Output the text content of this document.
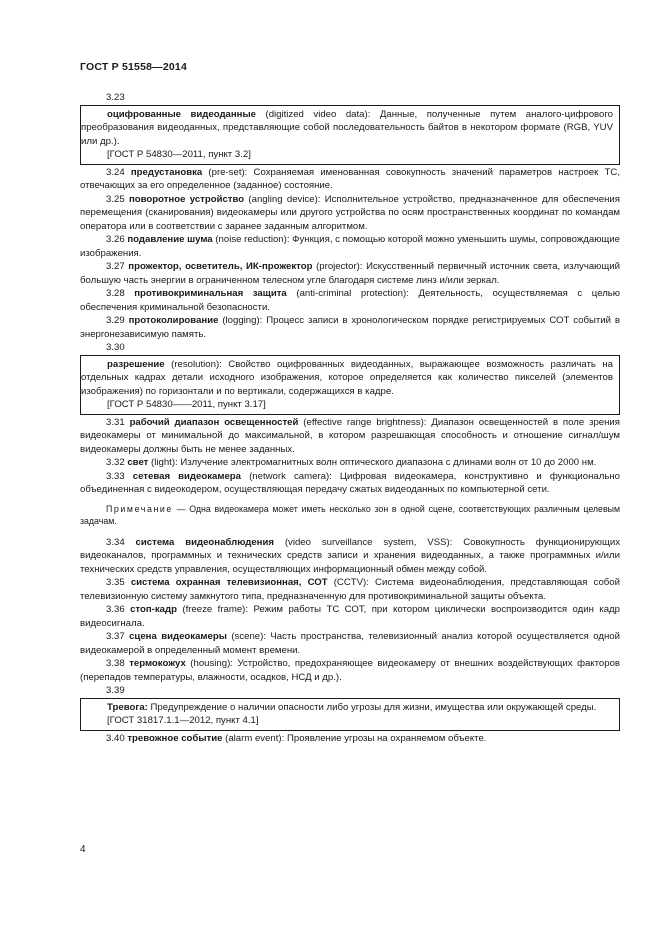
ГОСТ Р 51558—2014

3.23

оцифрованные видеоданные (digitized video data): Данные, полученные путем аналого-цифрового преобразования видеоданных, представляющие собой последовательность байтов в некотором формате (RGB, YUV или др.).

[ГОСТ Р 54830—2011, пункт 3.2]

3.24 предустановка (pre-set): Сохраняемая именованная совокупность значений параметров настроек ТС, отвечающих за его определенное (заданное) состояние.

3.25 поворотное устройство (angling device): Исполнительное устройство, предназначенное для обеспечения перемещения (сканирования) видеокамеры или другого устройства по осям пространственных координат по командам оператора или в соответствии с заранее заданным алгоритмом.

3.26 подавление шума (noise reduction): Функция, с помощью которой можно уменьшить шумы, сопровождающие изображения.

3.27 прожектор, осветитель, ИК-прожектор (projector): Искусственный первичный источник света, излучающий большую часть энергии в ограниченном телесном угле благодаря системе линз и/или зеркал.

3.28 противокриминальная защита (anti-criminal protection): Деятельность, осуществляемая с целью обеспечения криминальной безопасности.

3.29 протоколирование (logging): Процесс записи в хронологическом порядке регистрируемых СОТ событий в энергонезависимую память.

3.30

разрешение (resolution): Свойство оцифрованных видеоданных, выражающее возможность различать на отдельных кадрах детали исходного изображения, которое определяется как количество пикселей (элементов изображения) по горизонтали и по вертикали, содержащихся в кадре.

[ГОСТ Р 54830——2011, пункт 3.17]

3.31 рабочий диапазон освещенностей (effective range brightness): Диапазон освещенностей в поле зрения видеокамеры от минимальной до максимальной, в котором разрешающая способность и отношение сигнал/шум видеокамеры должны быть не менее заданных.

3.32 свет (light): Излучение электромагнитных волн оптического диапазона с длинами волн от 10 до 2000 нм.

3.33 сетевая видеокамера (network camera): Цифровая видеокамера, конструктивно и функционально объединенная с видеокодером, осуществляющая передачу сжатых видеоданных по компьютерной сети.

Примечание — Одна видеокамера может иметь несколько зон в одной сцене, соответствующих различным целевым задачам.

3.34 система видеонаблюдения (video surveillance system, VSS): Совокупность функционирующих видеоканалов, программных и технических средств записи и хранения видеоданных, а также программных и/или технических средств управления, осуществляющих информационный обмен между собой.

3.35 система охранная телевизионная, СОТ (CCTV): Система видеонаблюдения, представляющая собой телевизионную систему замкнутого типа, предназначенную для противокриминальной защиты объекта.

3.36 стоп-кадр (freeze frame): Режим работы ТС СОТ, при котором циклически воспроизводится один кадр видеосигнала.

3.37 сцена видеокамеры (scene): Часть пространства, телевизионный анализ которой осуществляется одной видеокамерой в определенный момент времени.

3.38 термокожух (housing): Устройство, предохраняющее видеокамеру от внешних воздействующих факторов (перепадов температуры, влажности, осадков, НСД и др.).

3.39

Тревога: Предупреждение о наличии опасности либо угрозы для жизни, имущества или окружающей среды.

[ГОСТ 31817.1.1—2012, пункт 4.1]

3.40 тревожное событие (alarm event): Проявление угрозы на охраняемом объекте.

4
